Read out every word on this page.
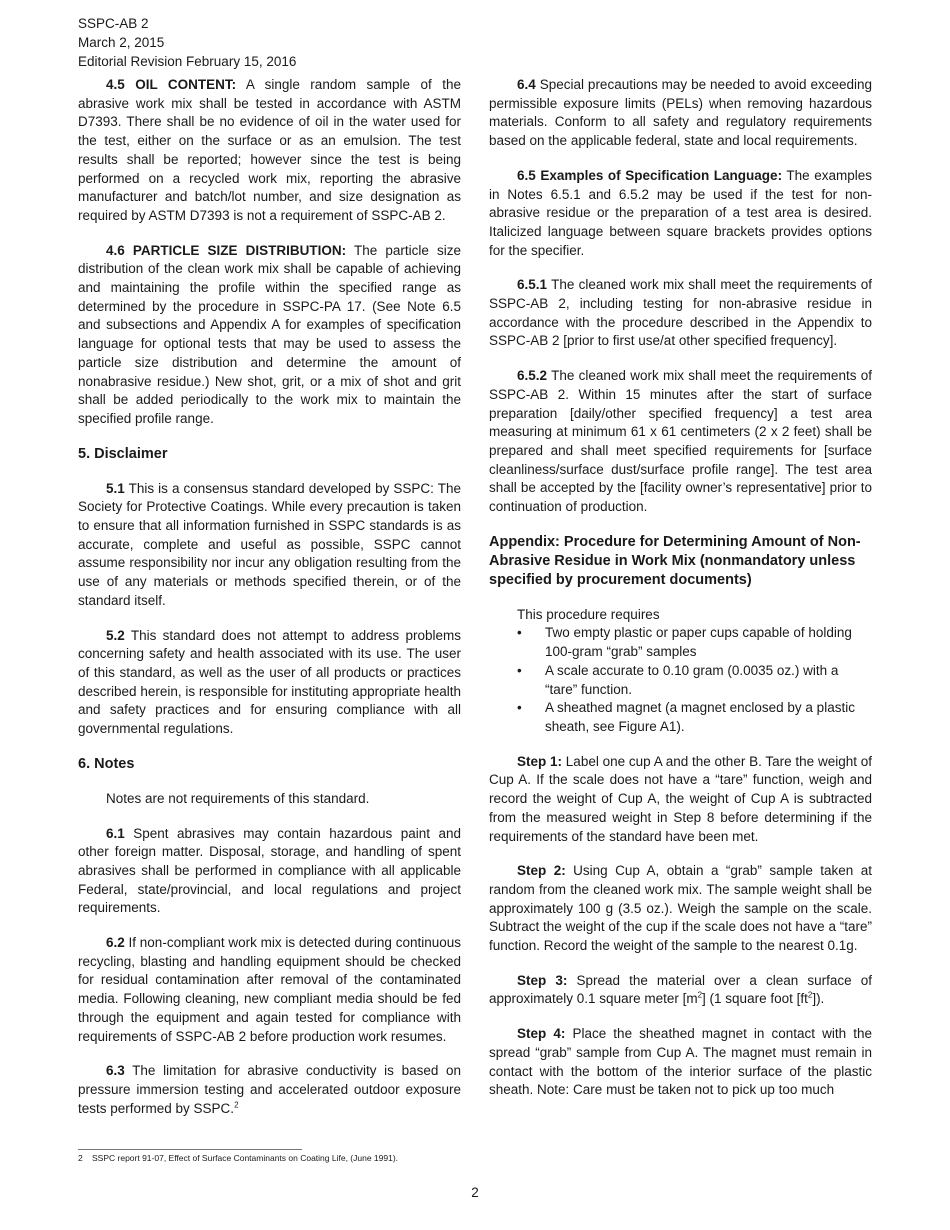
SSPC-AB 2
March 2, 2015
Editorial Revision February 15, 2016

4.5 OIL CONTENT: A single random sample of the abrasive work mix shall be tested in accordance with ASTM D7393. There shall be no evidence of oil in the water used for the test, either on the surface or as an emulsion. The test results shall be reported; however since the test is being performed on a recycled work mix, reporting the abrasive manufacturer and batch/lot number, and size designation as required by ASTM D7393 is not a requirement of SSPC-AB 2.

4.6 PARTICLE SIZE DISTRIBUTION: The particle size distribution of the clean work mix shall be capable of achieving and maintaining the profile within the specified range as determined by the procedure in SSPC-PA 17. (See Note 6.5 and subsections and Appendix A for examples of specification language for optional tests that may be used to assess the particle size distribution and determine the amount of nonabrasive residue.) New shot, grit, or a mix of shot and grit shall be added periodically to the work mix to maintain the specified profile range.

5. Disclaimer

5.1 This is a consensus standard developed by SSPC: The Society for Protective Coatings. While every precaution is taken to ensure that all information furnished in SSPC standards is as accurate, complete and useful as possible, SSPC cannot assume responsibility nor incur any obligation resulting from the use of any materials or methods specified therein, or of the standard itself.

5.2 This standard does not attempt to address problems concerning safety and health associated with its use. The user of this standard, as well as the user of all products or practices described herein, is responsible for instituting appropriate health and safety practices and for ensuring compliance with all governmental regulations.

6. Notes

Notes are not requirements of this standard.

6.1 Spent abrasives may contain hazardous paint and other foreign matter. Disposal, storage, and handling of spent abrasives shall be performed in compliance with all applicable Federal, state/provincial, and local regulations and project requirements.

6.2 If non-compliant work mix is detected during continuous recycling, blasting and handling equipment should be checked for residual contamination after removal of the contaminated media. Following cleaning, new compliant media should be fed through the equipment and again tested for compliance with requirements of SSPC-AB 2 before production work resumes.

6.3 The limitation for abrasive conductivity is based on pressure immersion testing and accelerated outdoor exposure tests performed by SSPC.$^2$

6.4 Special precautions may be needed to avoid exceeding permissible exposure limits (PELs) when removing hazardous materials. Conform to all safety and regulatory requirements based on the applicable federal, state and local requirements.

6.5 Examples of Specification Language: The examples in Notes 6.5.1 and 6.5.2 may be used if the test for non-abrasive residue or the preparation of a test area is desired. Italicized language between square brackets provides options for the specifier.

6.5.1 The cleaned work mix shall meet the requirements of SSPC-AB 2, including testing for non-abrasive residue in accordance with the procedure described in the Appendix to SSPC-AB 2 [prior to first use/at other specified frequency].

6.5.2 The cleaned work mix shall meet the requirements of SSPC-AB 2. Within 15 minutes after the start of surface preparation [daily/other specified frequency] a test area measuring at minimum 61 x 61 centimeters (2 x 2 feet) shall be prepared and shall meet specified requirements for [surface cleanliness/surface dust/surface profile range]. The test area shall be accepted by the [facility owner’s representative] prior to continuation of production.

Appendix: Procedure for Determining Amount of Non-Abrasive Residue in Work Mix (nonmandatory unless specified by procurement documents)

This procedure requires

• Two empty plastic or paper cups capable of holding 100-gram “grab” samples
• A scale accurate to 0.10 gram (0.0035 oz.) with a “tare” function.
• A sheathed magnet (a magnet enclosed by a plastic sheath, see Figure A1).

Step 1: Label one cup A and the other B. Tare the weight of Cup A. If the scale does not have a “tare” function, weigh and record the weight of Cup A, the weight of Cup A is subtracted from the measured weight in Step 8 before determining if the requirements of the standard have been met.

Step 2: Using Cup A, obtain a “grab” sample taken at random from the cleaned work mix. The sample weight shall be approximately 100 g (3.5 oz.). Weigh the sample on the scale. Subtract the weight of the cup if the scale does not have a “tare” function. Record the weight of the sample to the nearest 0.1g.

Step 3: Spread the material over a clean surface of approximately 0.1 square meter $[m^2]$ (1 square foot $[ft^2]$).

Step 4: Place the sheathed magnet in contact with the spread “grab” sample from Cup A. The magnet must remain in contact with the bottom of the interior surface of the plastic sheath. Note: Care must be taken not to pick up too much

2 SSPC report 91-07, Effect of Surface Contaminants on Coating Life, (June 1991).
2
